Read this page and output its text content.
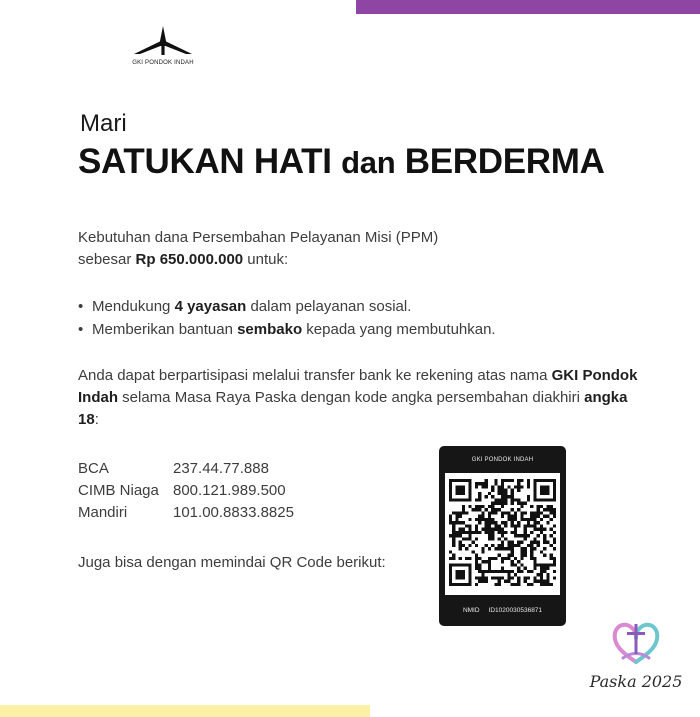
GKI PONDOK INDAH
Mari
SATUKAN HATI dan BERDERMA
Kebutuhan dana Persembahan Pelayanan Misi (PPM)
sebesar Rp 650.000.000 untuk:
• Mendukung 4 yayasan dalam pelayanan sosial.
• Memberikan bantuan sembako kepada yang membutuhkan.
Anda dapat berpartisipasi melalui transfer bank ke rekening atas nama GKI Pondok Indah selama Masa Raya Paska dengan kode angka persembahan diakhiri angka 18:
BCA	237.44.77.888
CIMB Niaga 800.121.989.500
Mandiri	101.00.8833.8825
Juga bisa dengan memindai QR Code berikut:
GKI PONDOK INDAH
NMID ID1020030536871
Paska 2025
